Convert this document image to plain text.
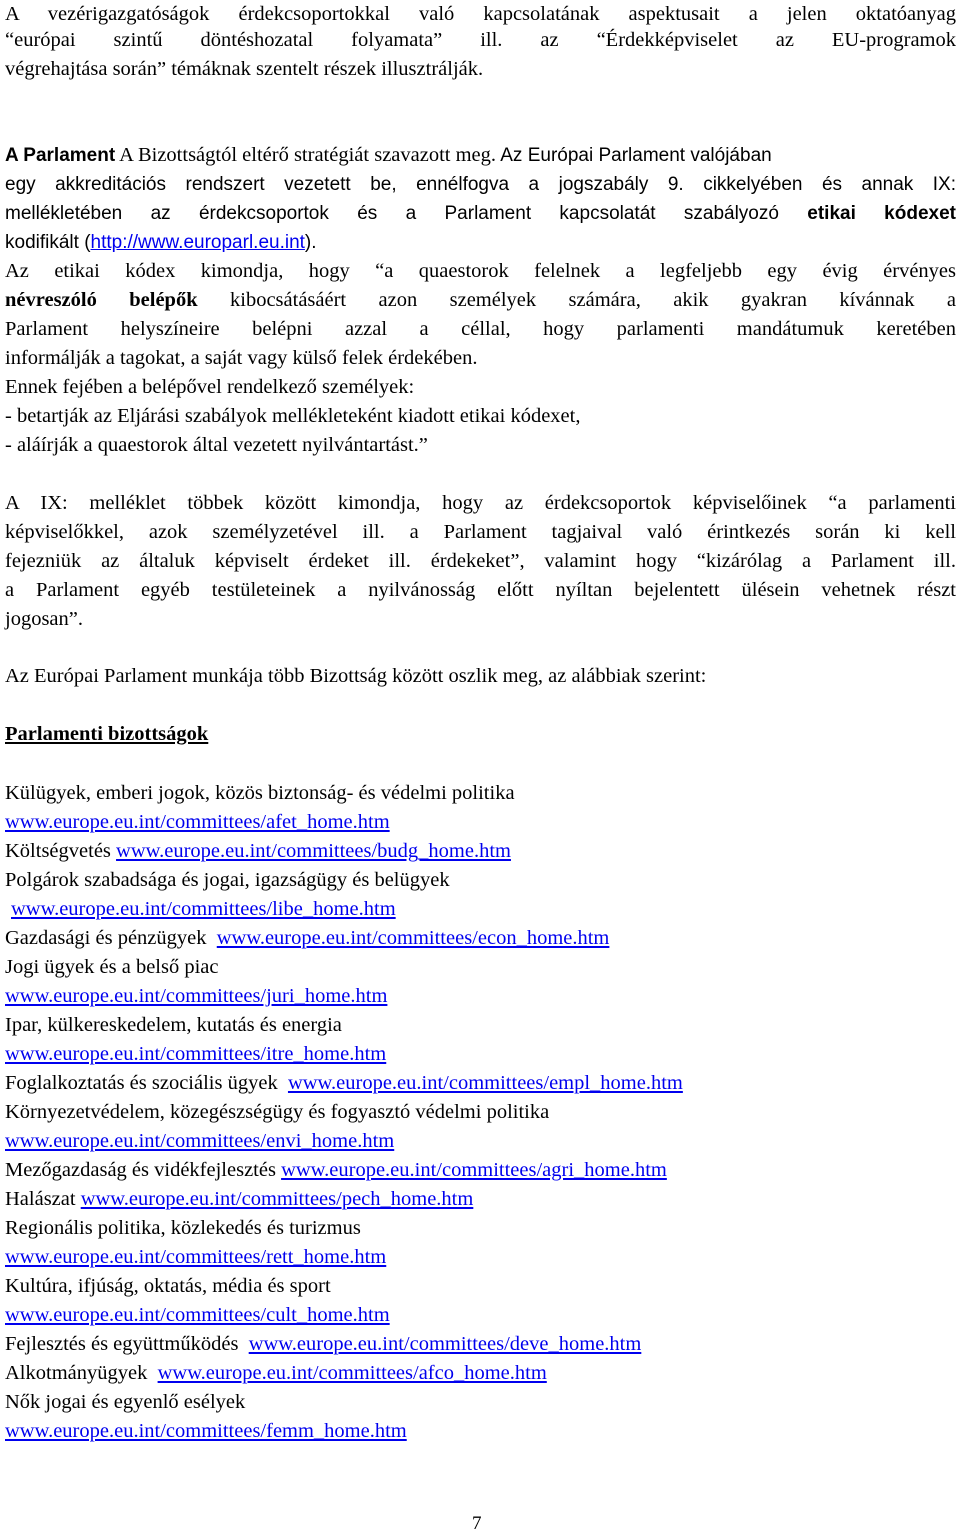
A vezérigazgatóságok érdekcsoportokkal való kapcsolatának aspektusait a jelen oktatóanyag
“európai szintű döntéshozatal folyamata” ill. az “Érdekképviselet az EU-programok
végrehajtása során” témáknak szentelt részek illusztrálják.
A Parlament A Bizottságtól eltérő stratégiát szavazott meg. Az Európai Parlament valójában
egy akkreditációs rendszert vezetett be, ennélfogva a jogszabály 9. cikkelyében és annak IX:
mellékletében az érdekcsoportok és a Parlament kapcsolatát szabályozó etikai kódexet
kodifikált (http://www.europarl.eu.int).
Az etikai kódex kimondja, hogy “a quaestorok felelnek a legfeljebb egy évig érvényes
névreszóló belépők kibocsátásáért azon személyek számára, akik gyakran kívánnak a
Parlament helyszíneire belépni azzal a céllal, hogy parlamenti mandátumuk keretében
informálják a tagokat, a saját vagy külső felek érdekében.
Ennek fejében a belépővel rendelkező személyek:
- betartják az Eljárási szabályok mellékleteként kiadott etikai kódexet,
- aláírják a quaestorok által vezetett nyilvántartást.”
A IX: melléklet többek között kimondja, hogy az érdekcsoportok képviselőinek “a parlamenti
képviselőkkel, azok személyzetével ill. a Parlament tagjaival való érintkezés során ki kell
fejezniük az általuk képviselt érdeket ill. érdekeket”, valamint hogy “kizárólag a Parlament ill.
a Parlament egyéb testületeinek a nyilvánosság előtt nyíltan bejelentett ülésein vehetnek részt
jogosan”.
Az Európai Parlament munkája több Bizottság között oszlik meg, az alábbiak szerint:
Parlamenti bizottságok
Külügyek, emberi jogok, közös biztonság- és védelmi politika
www.europe.eu.int/committees/afet_home.htm
Költségvetés www.europe.eu.int/committees/budg_home.htm
Polgárok szabadsága és jogai, igazságügy és belügyek
www.europe.eu.int/committees/libe_home.htm
Gazdasági és pénzügyek www.europe.eu.int/committees/econ_home.htm
Jogi ügyek és a belső piac
www.europe.eu.int/committees/juri_home.htm
Ipar, külkereskedelem, kutatás és energia
www.europe.eu.int/committees/itre_home.htm
Foglalkoztatás és szociális ügyek www.europe.eu.int/committees/empl_home.htm
Környezetvédelem, közegészségügy és fogyasztó védelmi politika
www.europe.eu.int/committees/envi_home.htm
Mezőgazdaság és vidékfejlesztés www.europe.eu.int/committees/agri_home.htm
Halászat www.europe.eu.int/committees/pech_home.htm
Regionális politika, közlekedés és turizmus
www.europe.eu.int/committees/rett_home.htm
Kultúra, ifjúság, oktatás, média és sport
www.europe.eu.int/committees/cult_home.htm
Fejlesztés és együttműködés www.europe.eu.int/committees/deve_home.htm
Alkotmányügyek www.europe.eu.int/committees/afco_home.htm
Nők jogai és egyenlő esélyek
www.europe.eu.int/committees/femm_home.htm
7
